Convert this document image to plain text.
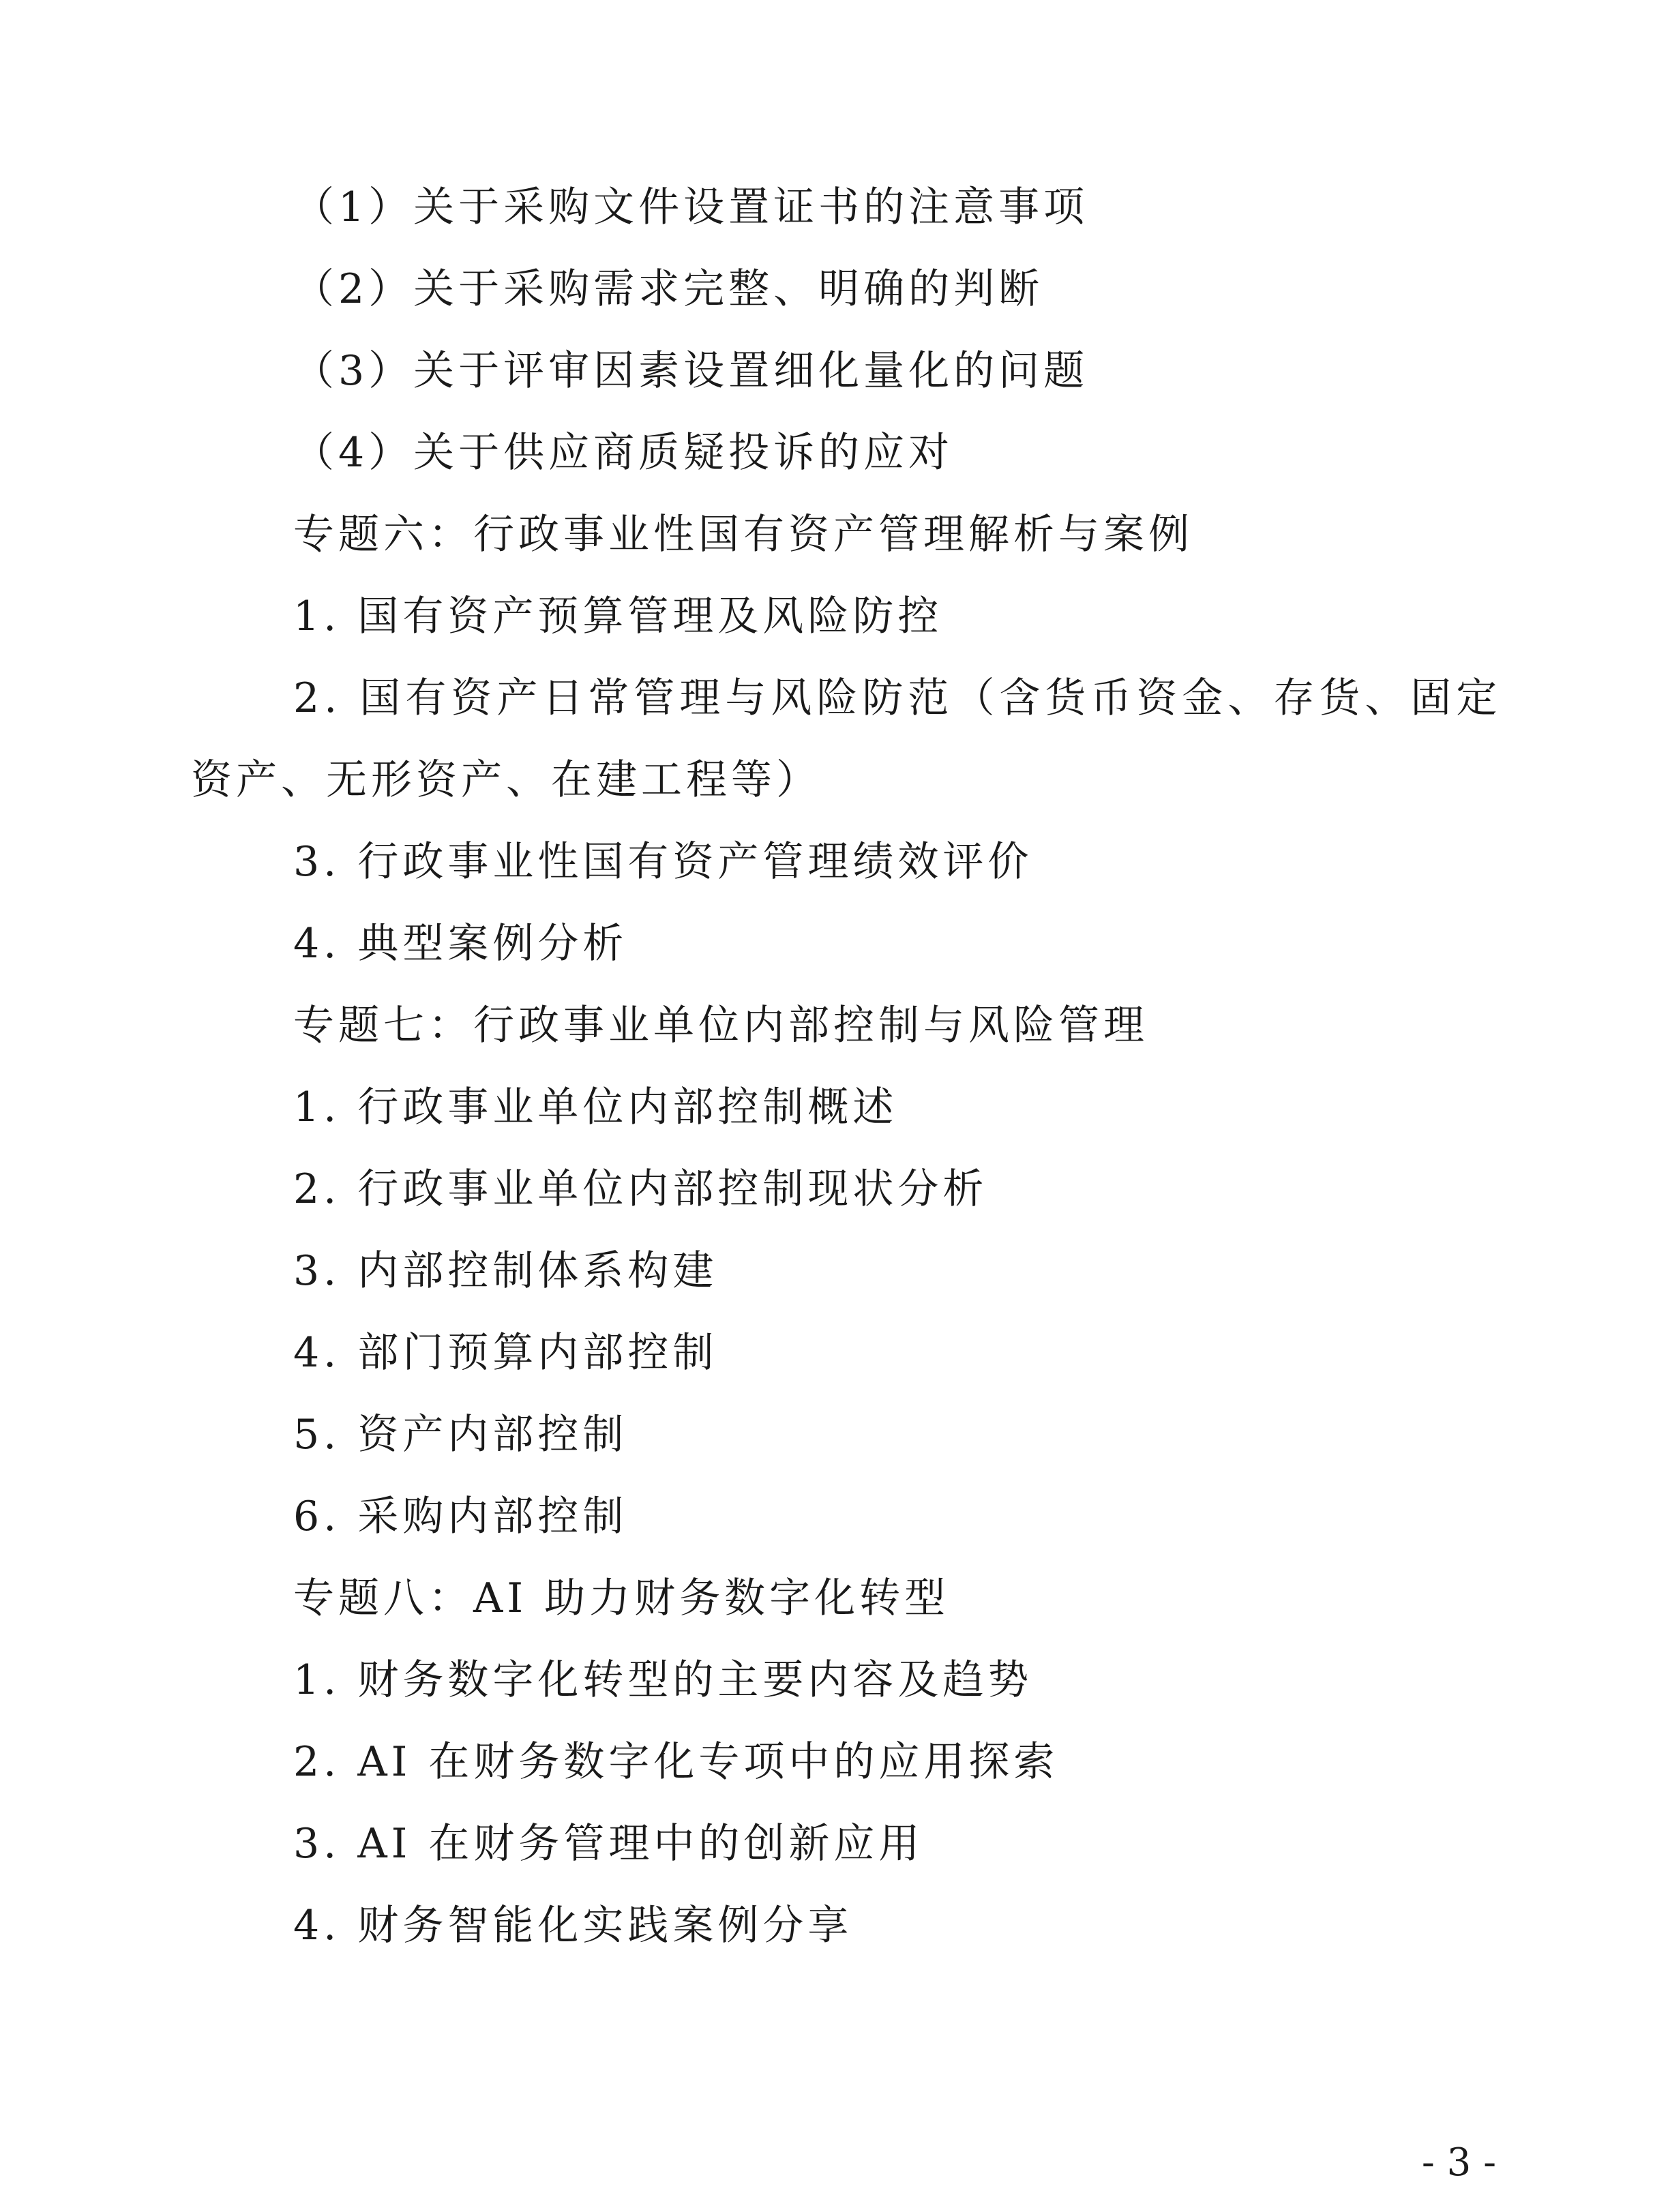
（1）关于采购文件设置证书的注意事项
（2）关于采购需求完整、明确的判断
（3）关于评审因素设置细化量化的问题
（4）关于供应商质疑投诉的应对
专题六：行政事业性国有资产管理解析与案例
1. 国有资产预算管理及风险防控
2. 国有资产日常管理与风险防范（含货币资金、存货、固定
资产、无形资产、在建工程等）
3. 行政事业性国有资产管理绩效评价
4. 典型案例分析
专题七：行政事业单位内部控制与风险管理
1. 行政事业单位内部控制概述
2. 行政事业单位内部控制现状分析
3. 内部控制体系构建
4. 部门预算内部控制
5. 资产内部控制
6. 采购内部控制
专题八：AI 助力财务数字化转型
1. 财务数字化转型的主要内容及趋势
2. AI 在财务数字化专项中的应用探索
3. AI 在财务管理中的创新应用
4. 财务智能化实践案例分享
- 3 -
